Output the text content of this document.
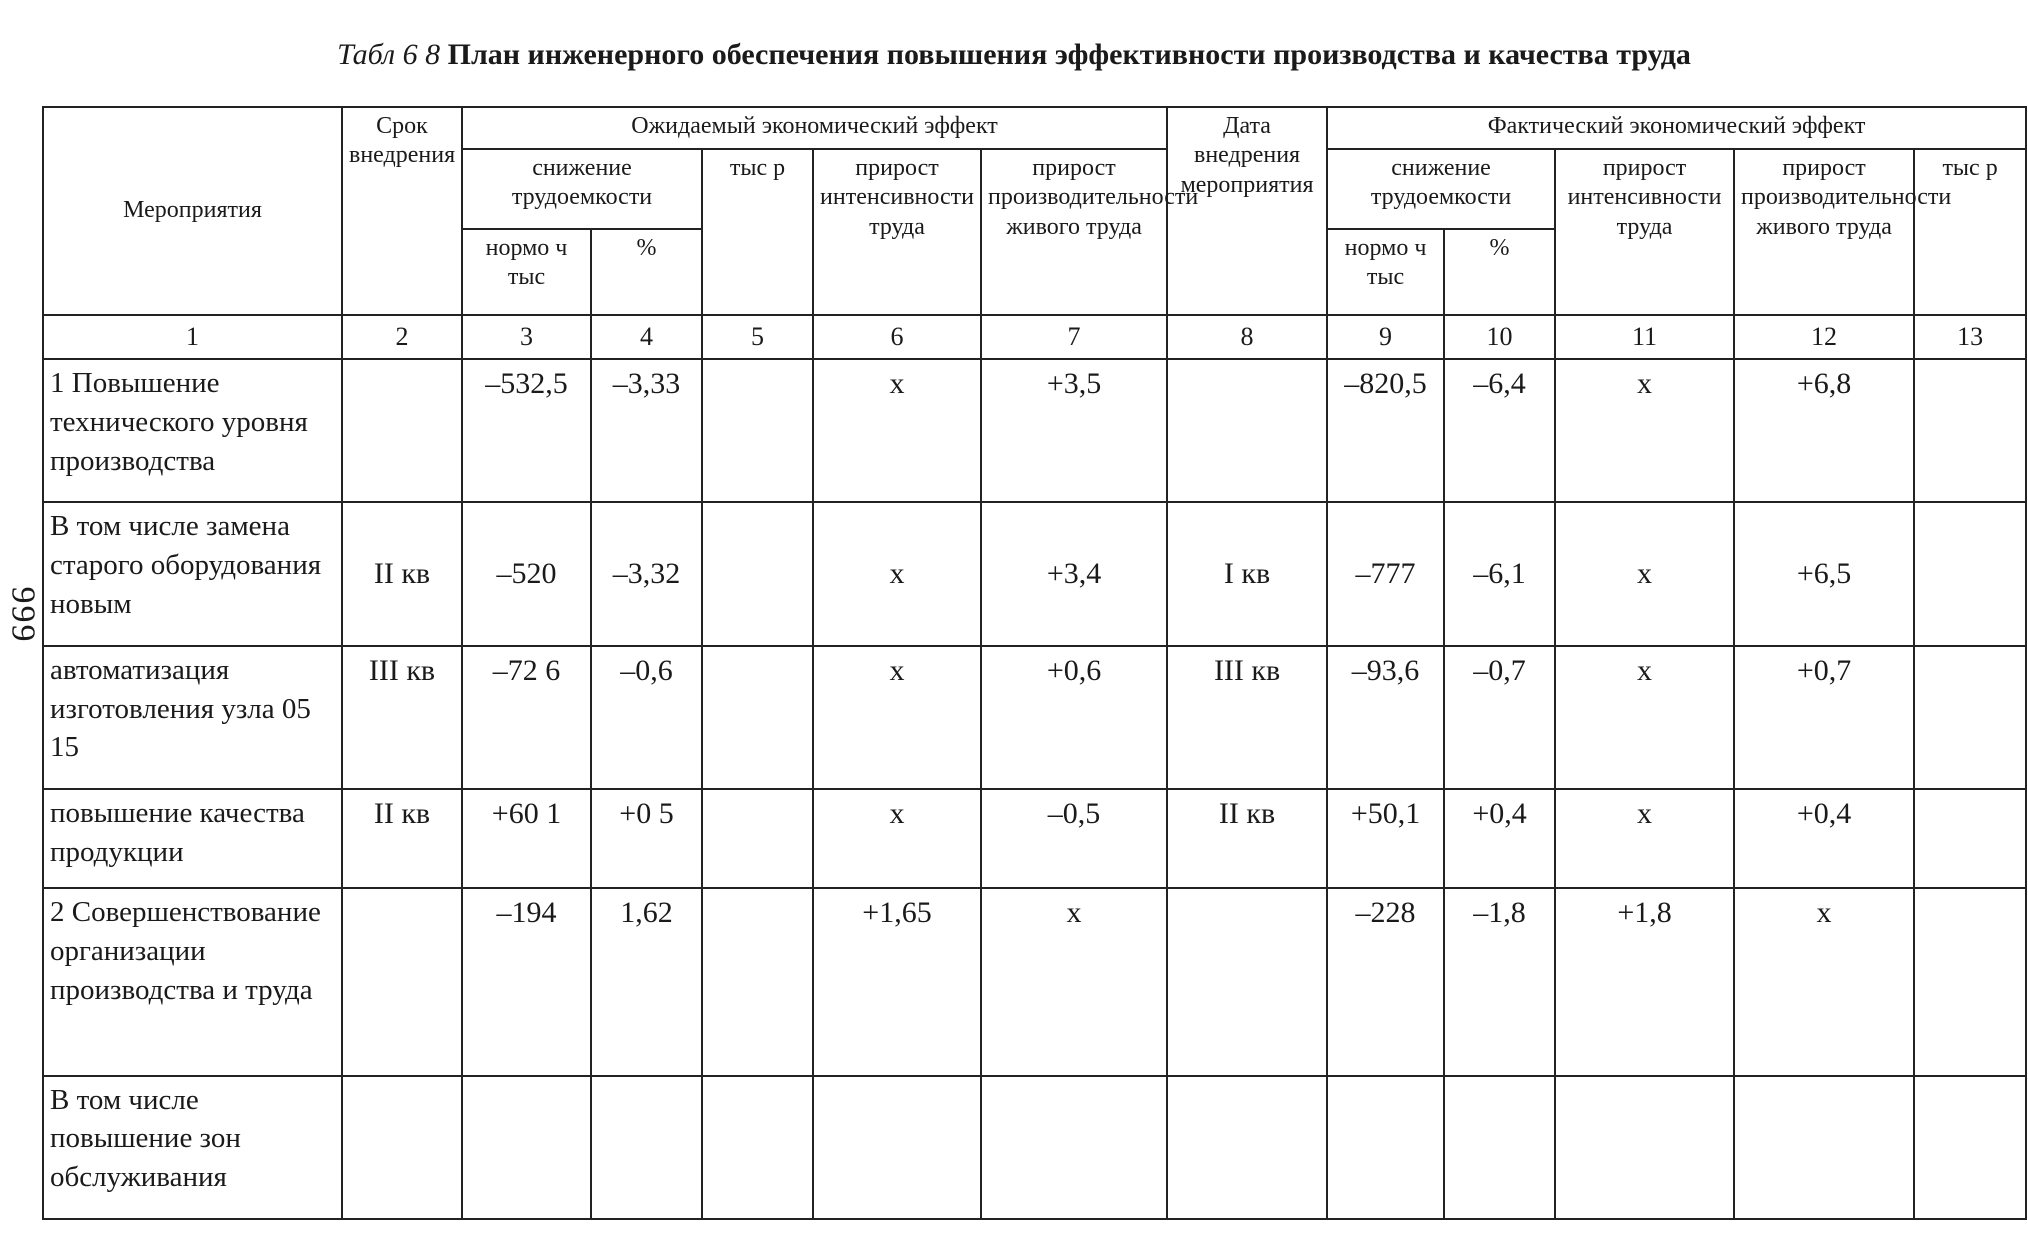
Табл 6 8 План инженерного обеспечения повышения эффективности производства и качества труда
999
Мероприятия	Срок внедрения	Ожидаемый экономический эффект					Дата внедрения мероприятия	Фактический экономический эффект				
		снижение трудоемкости		тыс р	прирост интенсивности труда	прирост производительности живого труда		снижение трудоемкости		прирост интенсивности труда	прирост производительности живого труда	тыс р
		нормо ч тыс	%					нормо ч тыс	%			
1	2	3	4	5	6	7	8	9	10	11	12	13
1 Повышение технического уровня производства		–532,5	–3,33		х	+3,5		–820,5	–6,4	х	+6,8	
В том числе замена старого оборудования новым	II кв	–520	–3,32		х	+3,4	I кв	–777	–6,1	х	+6,5	
автоматизация изготовления узла 05 15	III кв	–72 6	–0,6		х	+0,6	III кв	–93,6	–0,7	х	+0,7	
повышение качества продукции	II кв	+60 1	+0 5		х	–0,5	II кв	+50,1	+0,4	х	+0,4	
2 Совершенствование организации производства и труда		–194	1,62		+1,65	х		–228	–1,8	+1,8	х	
В том числе повышение зон обслуживания												
